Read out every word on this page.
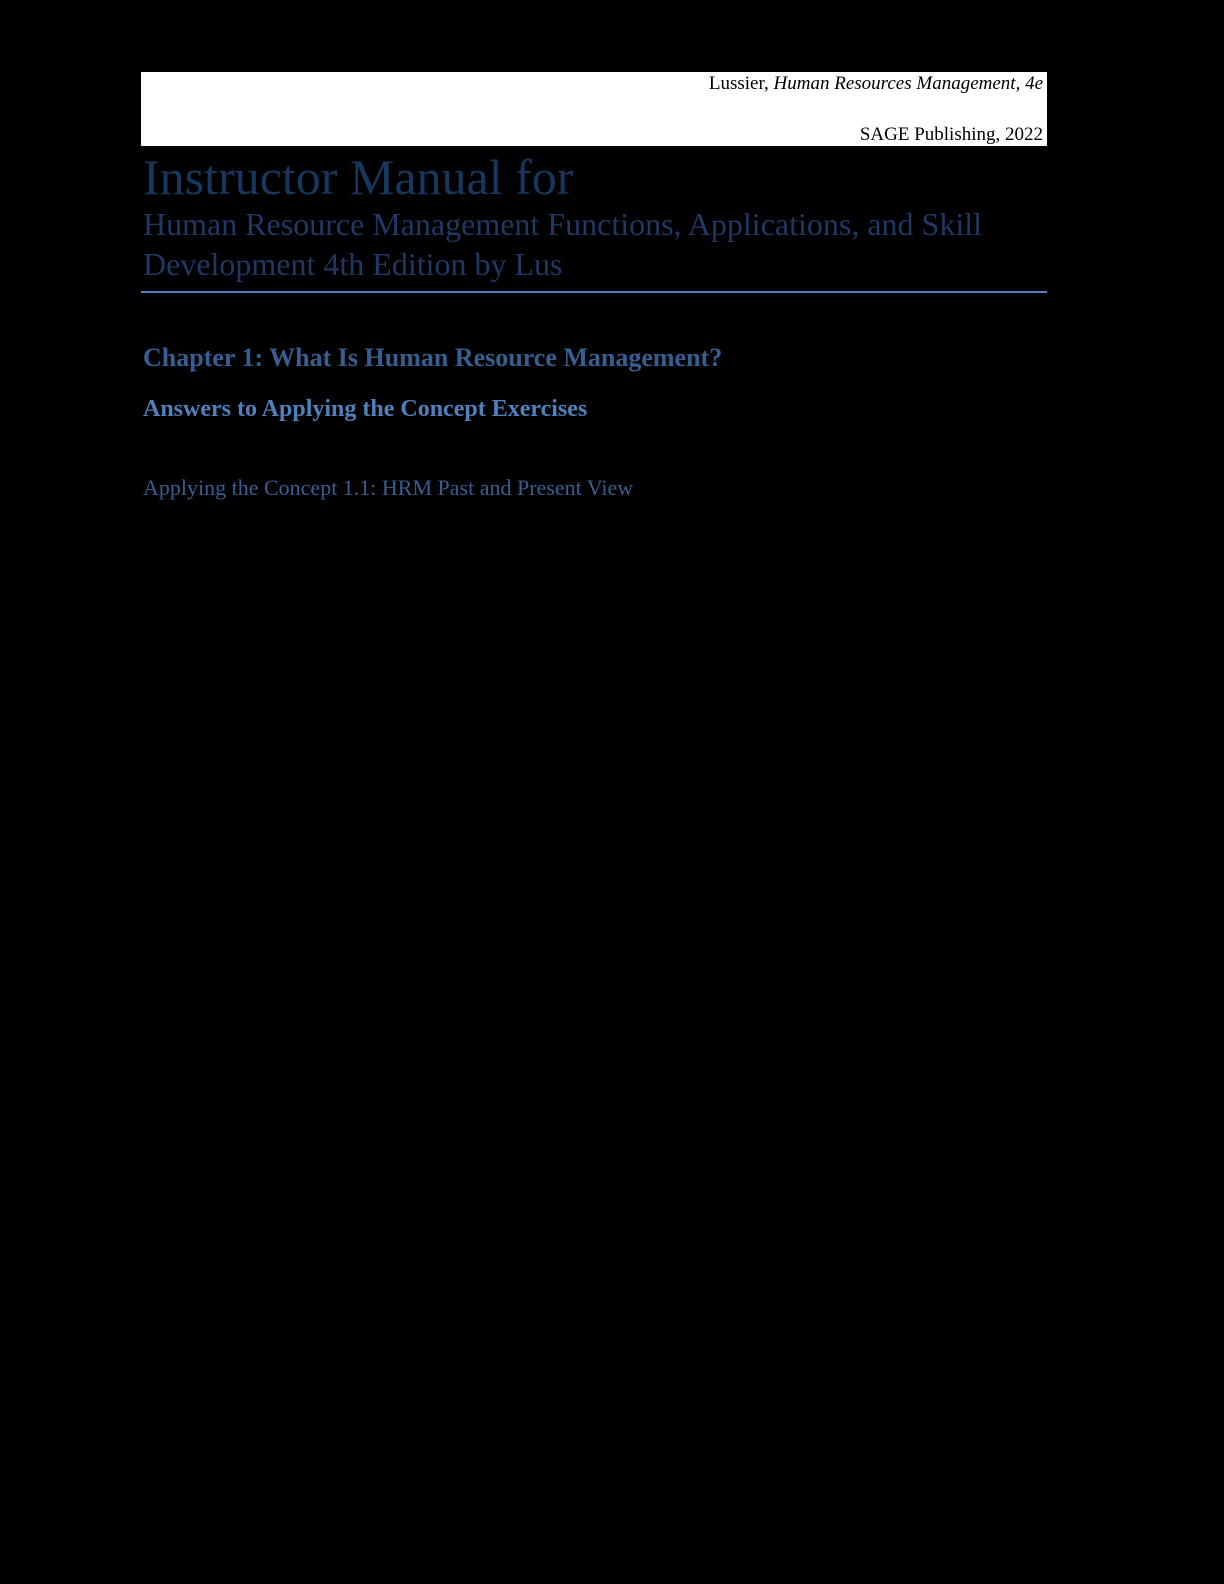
Lussier, Human Resources Management, 4e
SAGE Publishing, 2022
Instructor Manual for
Human Resource Management Functions, Applications, and Skill Development 4th Edition by Lus
Chapter 1: What Is Human Resource Management?
Answers to Applying the Concept Exercises
Applying the Concept 1.1: HRM Past and Present View
